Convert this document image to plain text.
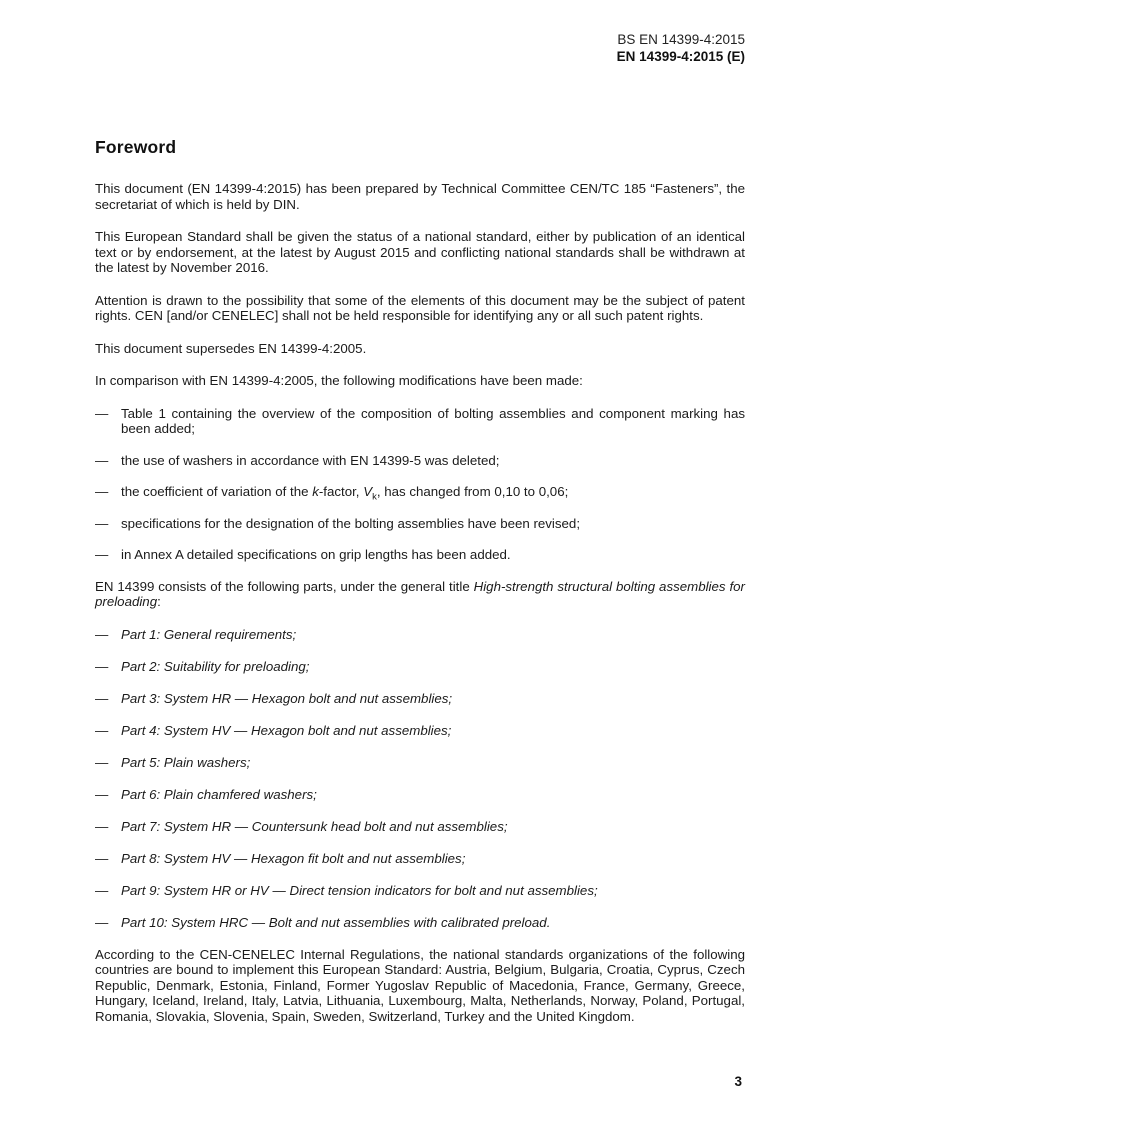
BS EN 14399-4:2015
EN 14399-4:2015 (E)
Foreword

This document (EN 14399-4:2015) has been prepared by Technical Committee CEN/TC 185 “Fasteners”, the secretariat of which is held by DIN.

This European Standard shall be given the status of a national standard, either by publication of an identical text or by endorsement, at the latest by August 2015 and conflicting national standards shall be withdrawn at the latest by November 2016.

Attention is drawn to the possibility that some of the elements of this document may be the subject of patent rights. CEN [and/or CENELEC] shall not be held responsible for identifying any or all such patent rights.

This document supersedes EN 14399-4:2005.

In comparison with EN 14399-4:2005, the following modifications have been made:

— Table 1 containing the overview of the composition of bolting assemblies and component marking has been added;
— the use of washers in accordance with EN 14399-5 was deleted;
— the coefficient of variation of the k-factor, $V_k$, has changed from 0,10 to 0,06;
— specifications for the designation of the bolting assemblies have been revised;
— in Annex A detailed specifications on grip lengths has been added.

EN 14399 consists of the following parts, under the general title High-strength structural bolting assemblies for preloading:

— Part 1: General requirements;
— Part 2: Suitability for preloading;
— Part 3: System HR — Hexagon bolt and nut assemblies;
— Part 4: System HV — Hexagon bolt and nut assemblies;
— Part 5: Plain washers;
— Part 6: Plain chamfered washers;
— Part 7: System HR — Countersunk head bolt and nut assemblies;
— Part 8: System HV — Hexagon fit bolt and nut assemblies;
— Part 9: System HR or HV — Direct tension indicators for bolt and nut assemblies;
— Part 10: System HRC — Bolt and nut assemblies with calibrated preload.

According to the CEN-CENELEC Internal Regulations, the national standards organizations of the following countries are bound to implement this European Standard: Austria, Belgium, Bulgaria, Croatia, Cyprus, Czech Republic, Denmark, Estonia, Finland, Former Yugoslav Republic of Macedonia, France, Germany, Greece, Hungary, Iceland, Ireland, Italy, Latvia, Lithuania, Luxembourg, Malta, Netherlands, Norway, Poland, Portugal, Romania, Slovakia, Slovenia, Spain, Sweden, Switzerland, Turkey and the United Kingdom.

3
